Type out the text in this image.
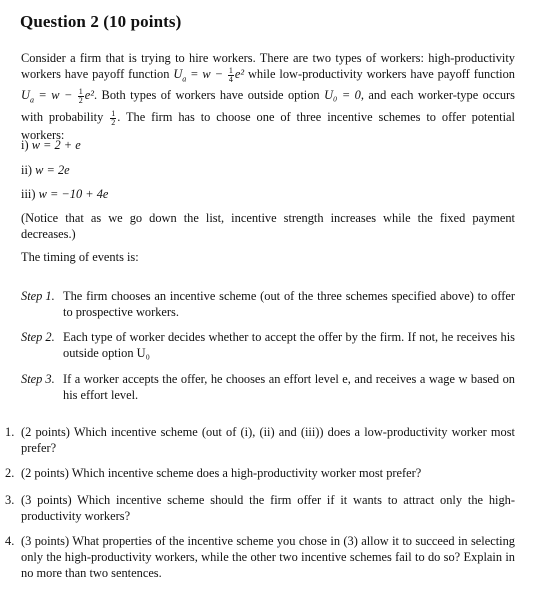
Question 2 (10 points)
Consider a firm that is trying to hire workers. There are two types of workers: high-productivity workers have payoff function $U_a = w - \frac{1}{4} e^2$ while low-productivity workers have payoff function $U_a = w - \frac{1}{2} e^2$. Both types of workers have outside option U₀ = 0, and each worker-type occurs with probability $\frac{1}{2}$ . The firm has to choose one of three incentive schemes to offer potential workers:
i) w = 2 + e
ii) w = 2e
iii) w = −10 + 4e
(Notice that as we go down the list, incentive strength increases while the fixed payment decreases.)
The timing of events is:
Step 1. The firm chooses an incentive scheme (out of the three schemes specified above) to offer to prospective workers.
Step 2. Each type of worker decides whether to accept the offer by the firm. If not, he receives his outside option U₀
Step 3. If a worker accepts the offer, he chooses an effort level e, and receives a wage w based on his effort level.
1. (2 points) Which incentive scheme (out of (i), (ii) and (iii)) does a low-productivity worker most prefer?
2. (2 points) Which incentive scheme does a high-productivity worker most prefer?
3. (3 points) Which incentive scheme should the firm offer if it wants to attract only the high-productivity workers?
4. (3 points) What properties of the incentive scheme you chose in (3) allow it to succeed in selecting only the high-productivity workers, while the other two incentive schemes fail to do so? Explain in no more than two sentences.
